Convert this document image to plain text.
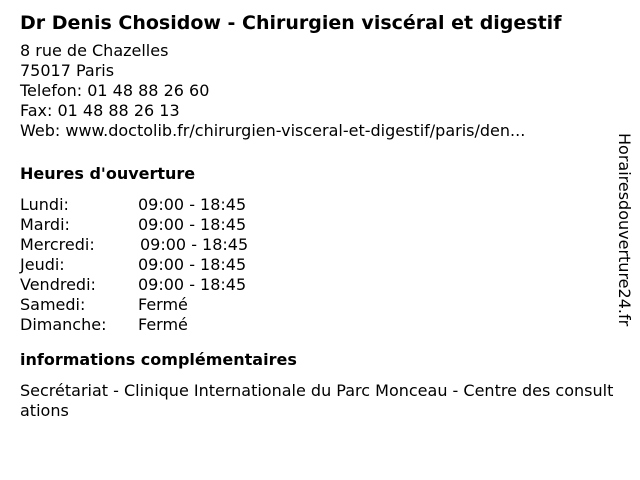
Dr Denis Chosidow - Chirurgien viscéral et digestif
8 rue de Chazelles
75017 Paris
Telefon: 01 48 88 26 60
Fax: 01 48 88 26 13
Web: www.doctolib.fr/chirurgien-visceral-et-digestif/paris/den...
Heures d'ouverture
Lundi:	09:00 - 18:45
Mardi:	09:00 - 18:45
Mercredi:	09:00 - 18:45
Jeudi:	09:00 - 18:45
Vendredi:	09:00 - 18:45
Samedi:	Fermé
Dimanche:	Fermé
informations complémentaires
Secrétariat - Clinique Internationale du Parc Monceau - Centre des consultations
Horairesdouverture24.fr
